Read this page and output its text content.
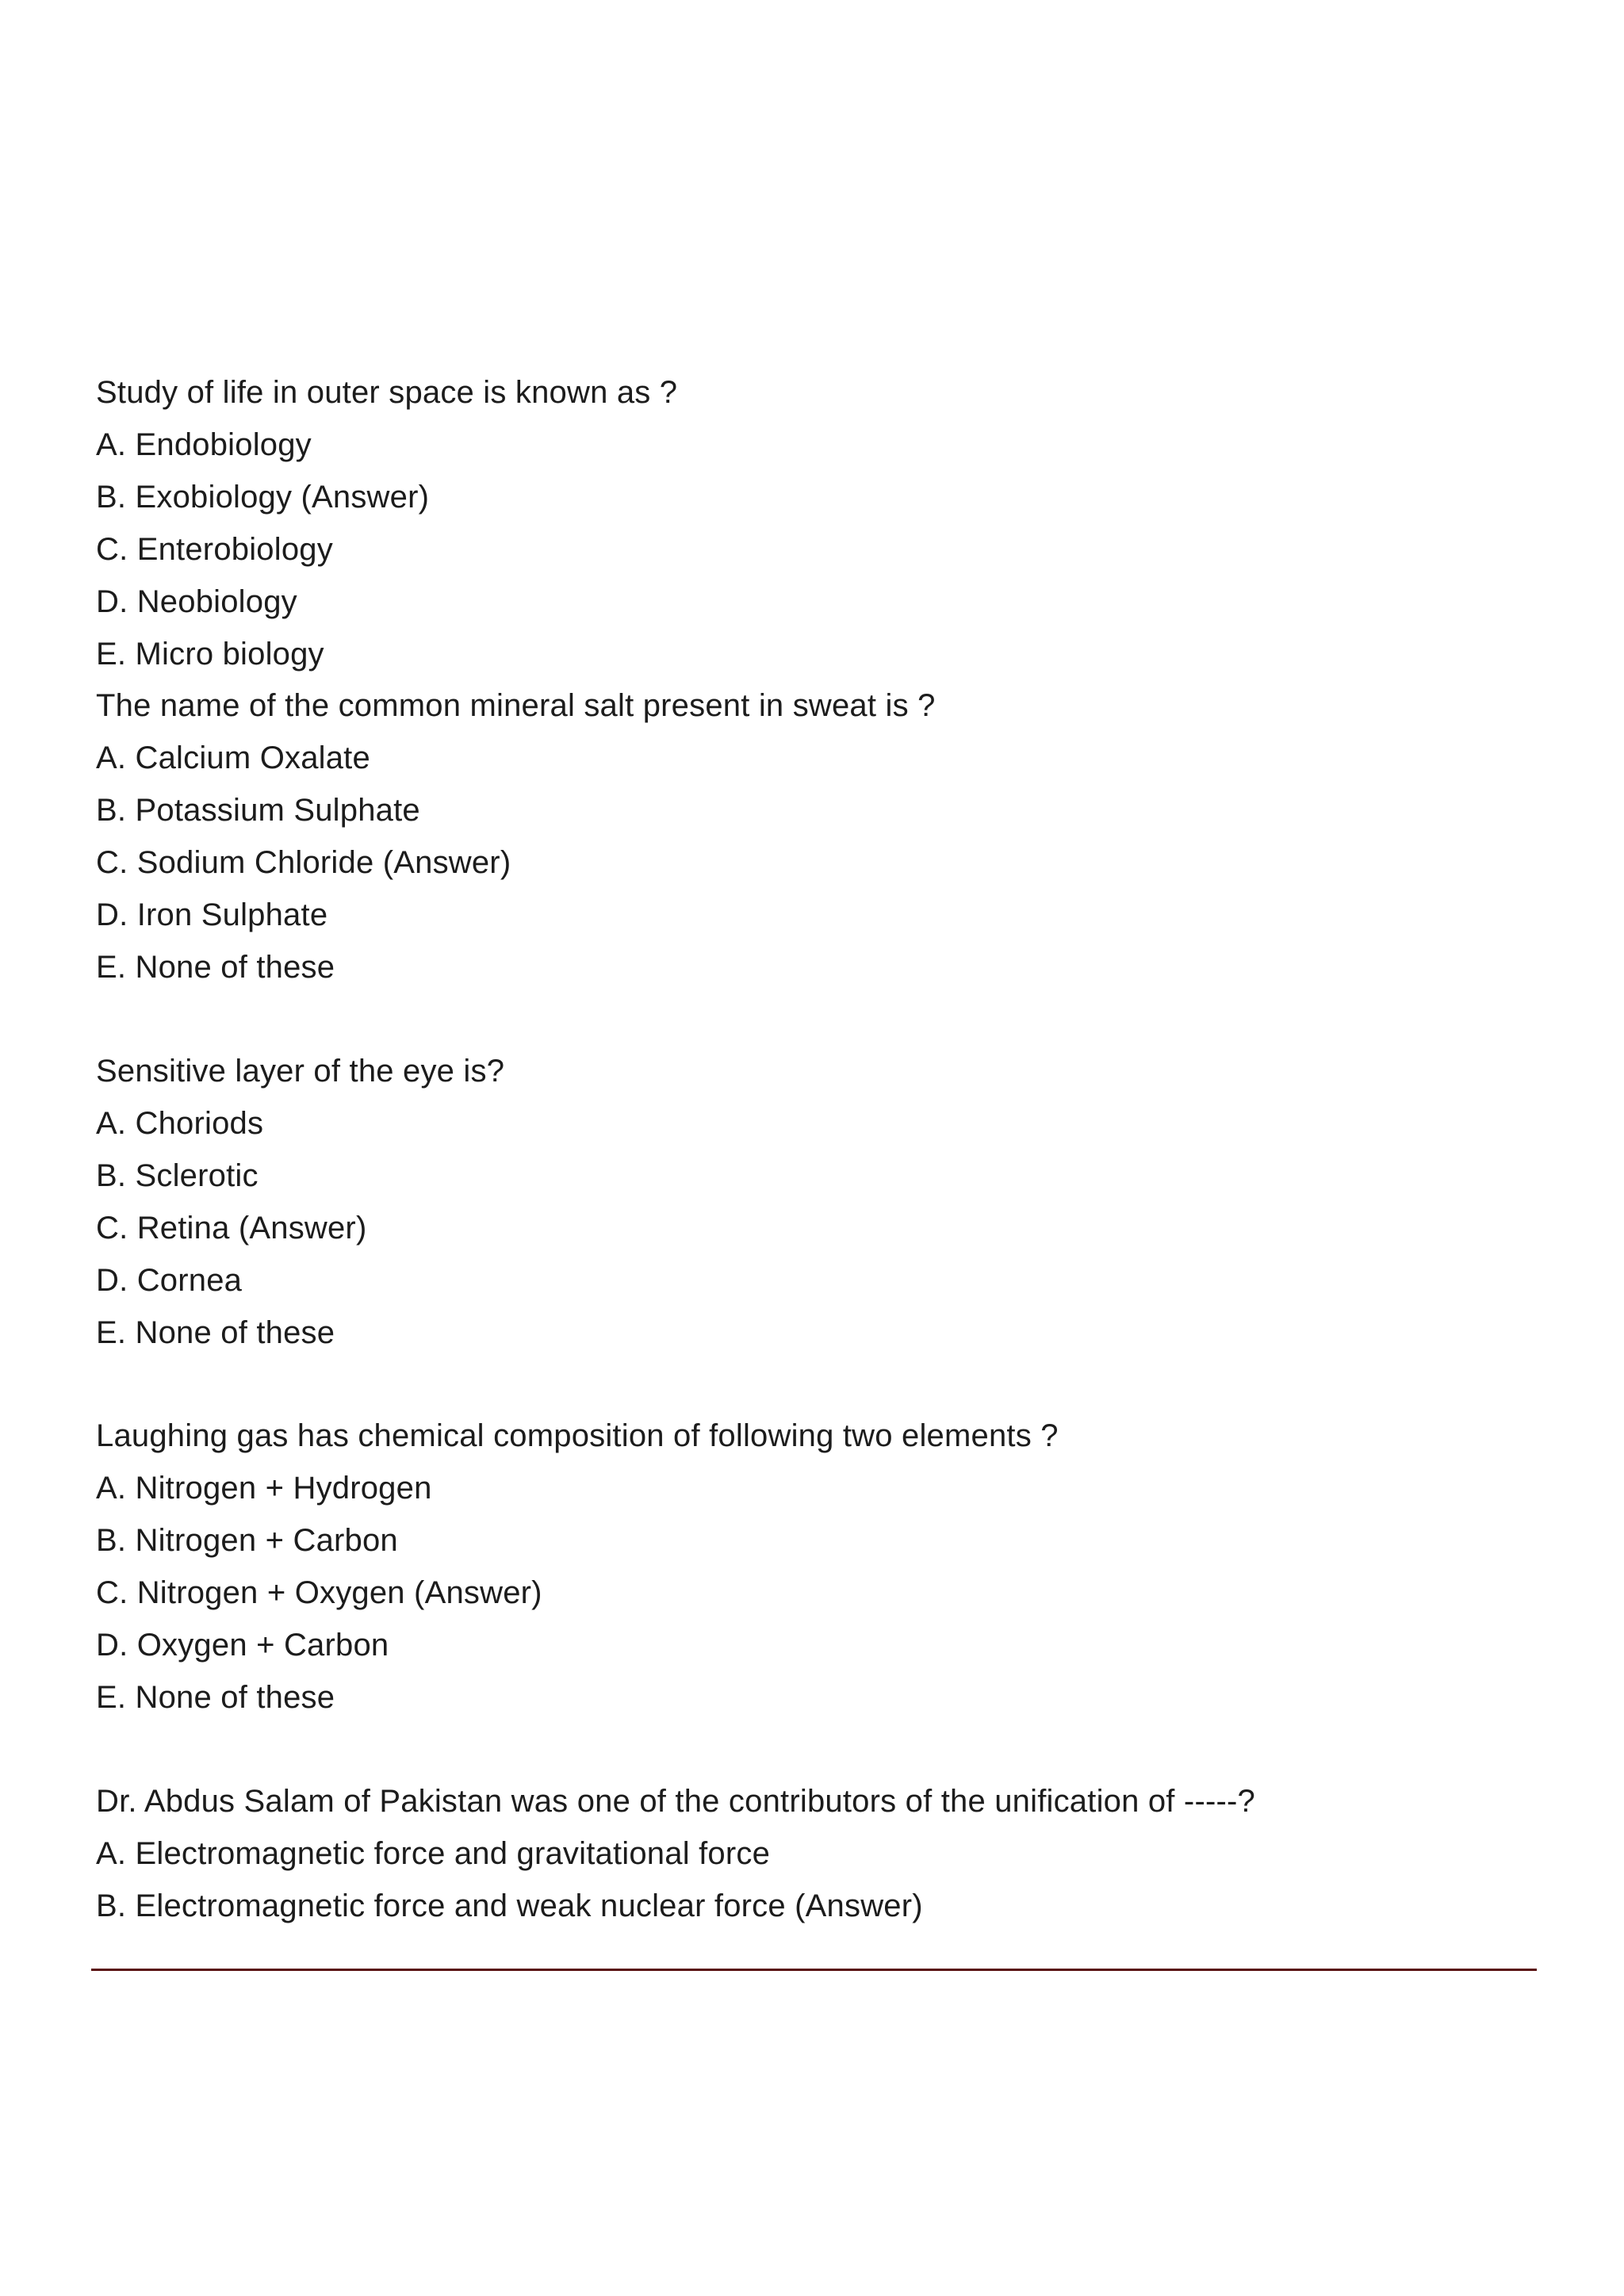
Study of life in outer space is known as ?
A. Endobiology
B. Exobiology (Answer)
C. Enterobiology
D. Neobiology
E. Micro biology
The name of the common mineral salt present in sweat is ?
A. Calcium Oxalate
B. Potassium Sulphate
C. Sodium Chloride (Answer)
D. Iron Sulphate
E. None of these
Sensitive layer of the eye is?
A. Choriods
B. Sclerotic
C. Retina (Answer)
D. Cornea
E. None of these
Laughing gas has chemical composition of following two elements ?
A. Nitrogen + Hydrogen
B. Nitrogen + Carbon
C. Nitrogen + Oxygen (Answer)
D. Oxygen + Carbon
E. None of these
Dr. Abdus Salam of Pakistan was one of the contributors of the unification of -----?
A. Electromagnetic force and gravitational force
B. Electromagnetic force and weak nuclear force (Answer)
